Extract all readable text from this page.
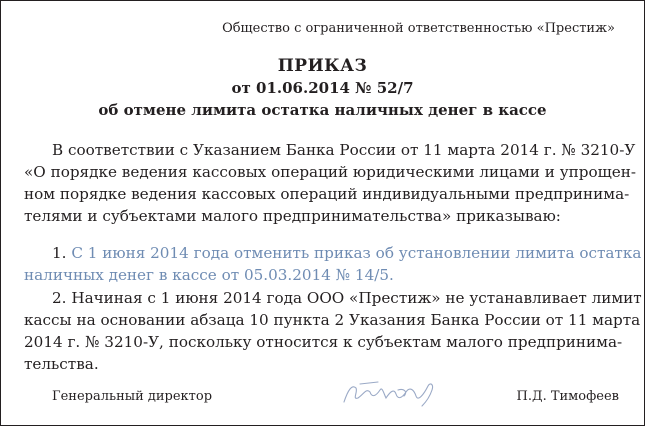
Общество с ограниченной ответственностью «Престиж»
ПРИКАЗ
от 01.06.2014 № 52/7
об отмене лимита остатка наличных денег в кассе
В соответствии с Указанием Банка России от 11 марта 2014 г. № 3210-У
«О порядке ведения кассовых операций юридическими лицами и упрощен-
ном порядке ведения кассовых операций индивидуальными предпринима-
телями и субъектами малого предпринимательства» приказываю:
1. С 1 июня 2014 года отменить приказ об установлении лимита остатка
наличных денег в кассе от 05.03.2014 № 14/5.
2. Начиная с 1 июня 2014 года ООО «Престиж» не устанавливает лимит
кассы на основании абзаца 10 пункта 2 Указания Банка России от 11 марта
2014 г. № 3210-У, поскольку относится к субъектам малого предпринима-
тельства.
Генеральный директор	П.Д. Тимофеев
